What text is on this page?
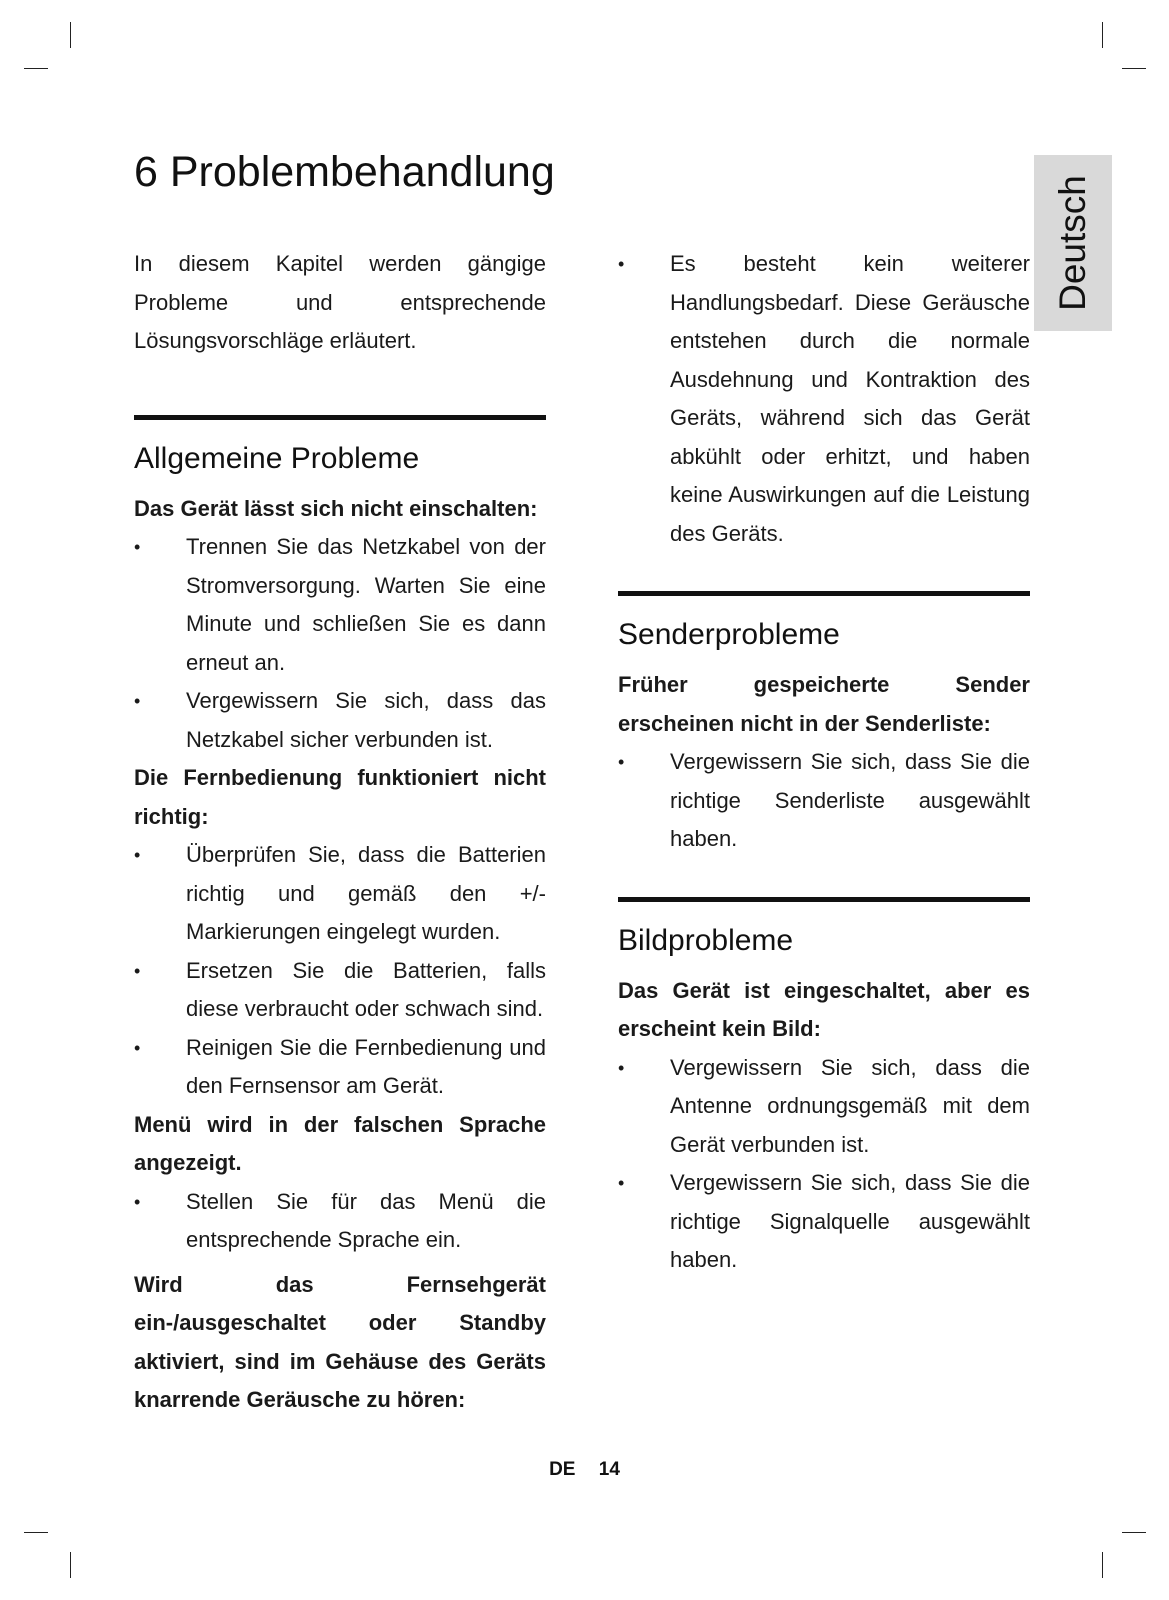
6 Problembehandlung
Deutsch

In diesem Kapitel werden gängige Probleme und entsprechende Lösungsvorschläge erläutert.

Allgemeine Probleme

Das Gerät lässt sich nicht einschalten:

• Trennen Sie das Netzkabel von der Stromversorgung. Warten Sie eine Minute und schließen Sie es dann erneut an.
• Vergewissern Sie sich, dass das Netzkabel sicher verbunden ist.

Die Fernbedienung funktioniert nicht richtig:

• Überprüfen Sie, dass die Batterien richtig und gemäß den +/- Markierungen eingelegt wurden.
• Ersetzen Sie die Batterien, falls diese verbraucht oder schwach sind.
• Reinigen Sie die Fernbedienung und den Fernsensor am Gerät.

Menü wird in der falschen Sprache angezeigt.

• Stellen Sie für das Menü die entsprechende Sprache ein.

Wird das Fernsehgerät ein-/ausgeschaltet oder Standby aktiviert, sind im Gehäuse des Geräts knarrende Geräusche zu hören:

• Es besteht kein weiterer Handlungsbedarf. Diese Geräusche entstehen durch die normale Ausdehnung und Kontraktion des Geräts, während sich das Gerät abkühlt oder erhitzt, und haben keine Auswirkungen auf die Leistung des Geräts.
Senderprobleme

Früher gespeicherte Sender erscheinen nicht in der Senderliste:

• Vergewissern Sie sich, dass Sie die richtige Senderliste ausgewählt haben.
Bildprobleme

Das Gerät ist eingeschaltet, aber es erscheint kein Bild:

• Vergewissern Sie sich, dass die Antenne ordnungsgemäß mit dem Gerät verbunden ist.
• Vergewissern Sie sich, dass Sie die richtige Signalquelle ausgewählt haben.
DE 14
